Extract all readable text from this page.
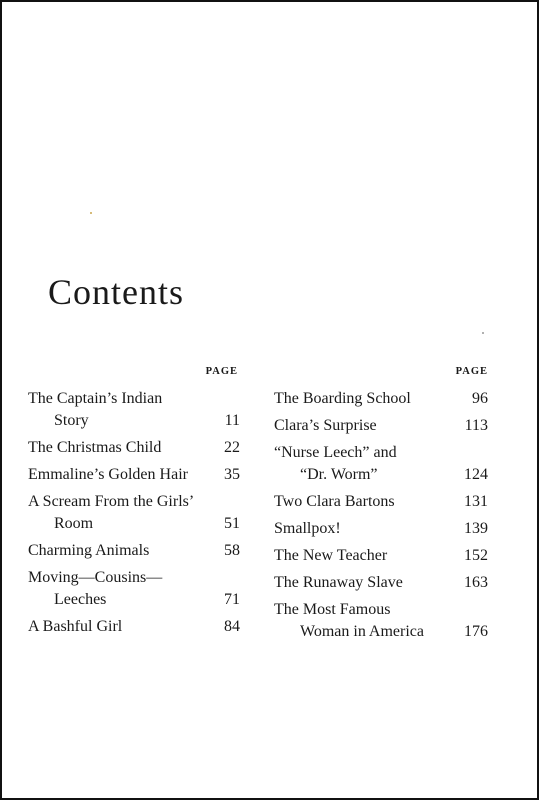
Contents
PAGE
The Captain’s Indian
Story	11
The Christmas Child	22
Emmaline’s Golden Hair	35
A Scream From the Girls’
Room	51
Charming Animals	58
Moving—Cousins—
Leeches	71
A Bashful Girl	84
PAGE
The Boarding School	96
Clara’s Surprise	113
“Nurse Leech” and
“Dr. Worm”	124
Two Clara Bartons	131
Smallpox!	139
The New Teacher	152
The Runaway Slave	163
The Most Famous
Woman in America	176
